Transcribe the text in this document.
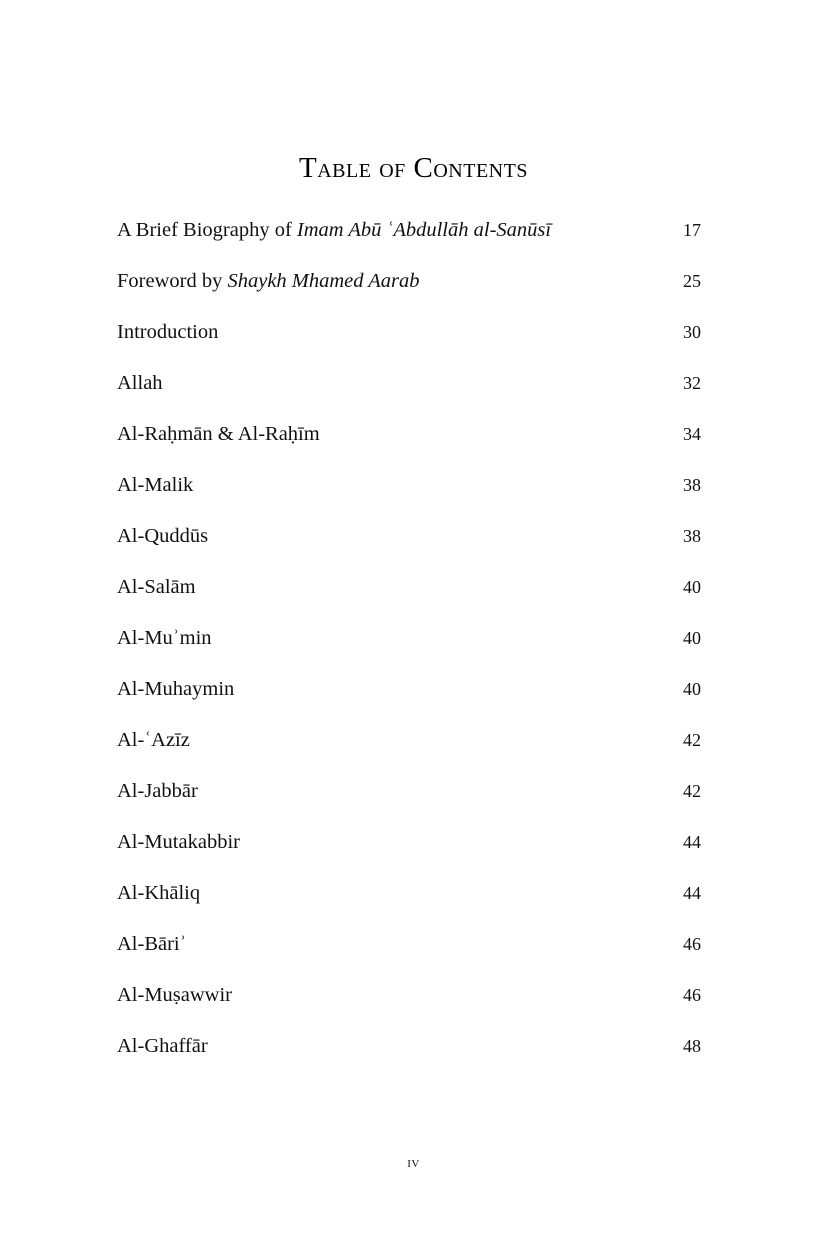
Table of Contents
A Brief Biography of Imam Abū ʿAbdullāh al-Sanūsī	17
Foreword by Shaykh Mhamed Aarab	25
Introduction	30
Allah	32
Al-Raḥmān & Al-Raḥīm	34
Al-Malik	38
Al-Quddūs	38
Al-Salām	40
Al-Muʾmin	40
Al-Muhaymin	40
Al-ʿAzīz	42
Al-Jabbār	42
Al-Mutakabbir	44
Al-Khāliq	44
Al-Bāriʾ	46
Al-Muṣawwir	46
Al-Ghaffār	48
iv
